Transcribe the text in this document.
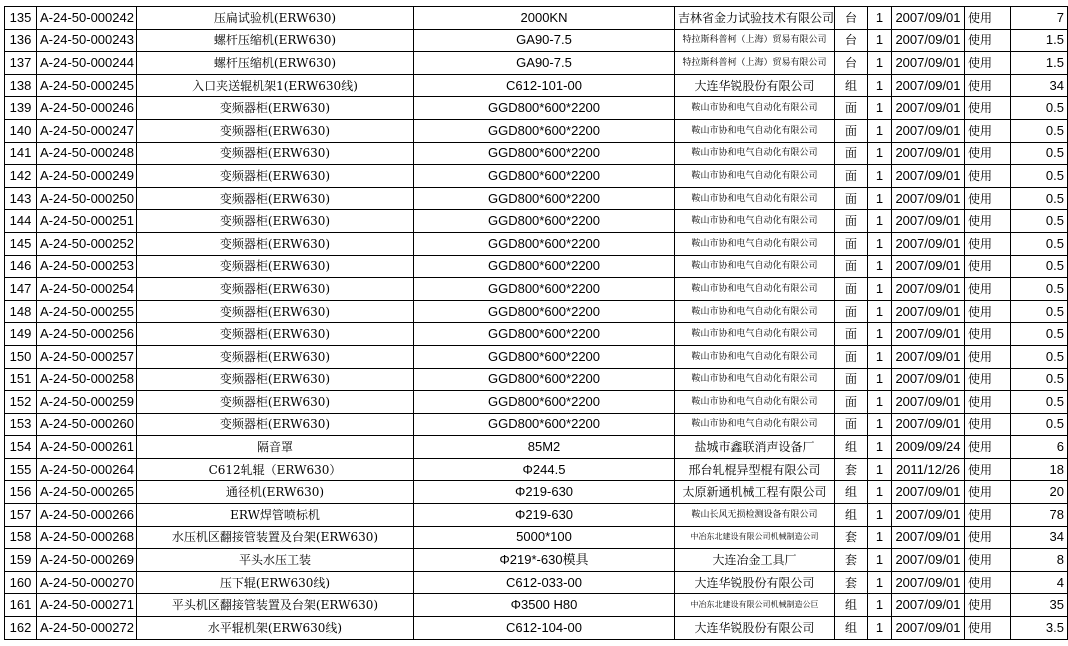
135	A-24-50-000242	压扁试验机(ERW630)	2000KN	吉林省金力试验技术有限公司	台	1	2007/09/01	使用	7
136	A-24-50-000243	螺杆压缩机(ERW630)	GA90-7.5	特拉斯科普柯（上海）贸易有限公司	台	1	2007/09/01	使用	1.5
137	A-24-50-000244	螺杆压缩机(ERW630)	GA90-7.5	特拉斯科普柯（上海）贸易有限公司	台	1	2007/09/01	使用	1.5
138	A-24-50-000245	入口夹送辊机架1(ERW630线)	C612-101-00	大连华锐股份有限公司	组	1	2007/09/01	使用	34
139	A-24-50-000246	变频器柜(ERW630)	GGD800*600*2200	鞍山市协和电气自动化有限公司	面	1	2007/09/01	使用	0.5
140	A-24-50-000247	变频器柜(ERW630)	GGD800*600*2200	鞍山市协和电气自动化有限公司	面	1	2007/09/01	使用	0.5
141	A-24-50-000248	变频器柜(ERW630)	GGD800*600*2200	鞍山市协和电气自动化有限公司	面	1	2007/09/01	使用	0.5
142	A-24-50-000249	变频器柜(ERW630)	GGD800*600*2200	鞍山市协和电气自动化有限公司	面	1	2007/09/01	使用	0.5
143	A-24-50-000250	变频器柜(ERW630)	GGD800*600*2200	鞍山市协和电气自动化有限公司	面	1	2007/09/01	使用	0.5
144	A-24-50-000251	变频器柜(ERW630)	GGD800*600*2200	鞍山市协和电气自动化有限公司	面	1	2007/09/01	使用	0.5
145	A-24-50-000252	变频器柜(ERW630)	GGD800*600*2200	鞍山市协和电气自动化有限公司	面	1	2007/09/01	使用	0.5
146	A-24-50-000253	变频器柜(ERW630)	GGD800*600*2200	鞍山市协和电气自动化有限公司	面	1	2007/09/01	使用	0.5
147	A-24-50-000254	变频器柜(ERW630)	GGD800*600*2200	鞍山市协和电气自动化有限公司	面	1	2007/09/01	使用	0.5
148	A-24-50-000255	变频器柜(ERW630)	GGD800*600*2200	鞍山市协和电气自动化有限公司	面	1	2007/09/01	使用	0.5
149	A-24-50-000256	变频器柜(ERW630)	GGD800*600*2200	鞍山市协和电气自动化有限公司	面	1	2007/09/01	使用	0.5
150	A-24-50-000257	变频器柜(ERW630)	GGD800*600*2200	鞍山市协和电气自动化有限公司	面	1	2007/09/01	使用	0.5
151	A-24-50-000258	变频器柜(ERW630)	GGD800*600*2200	鞍山市协和电气自动化有限公司	面	1	2007/09/01	使用	0.5
152	A-24-50-000259	变频器柜(ERW630)	GGD800*600*2200	鞍山市协和电气自动化有限公司	面	1	2007/09/01	使用	0.5
153	A-24-50-000260	变频器柜(ERW630)	GGD800*600*2200	鞍山市协和电气自动化有限公司	面	1	2007/09/01	使用	0.5
154	A-24-50-000261	隔音罩	85M2	盐城市鑫联消声设备厂	组	1	2009/09/24	使用	6
155	A-24-50-000264	C612轧辊（ERW630）	Φ244.5	邢台轧棍异型棍有限公司	套	1	2011/12/26	使用	18
156	A-24-50-000265	通径机(ERW630)	Φ219-630	太原新通机械工程有限公司	组	1	2007/09/01	使用	20
157	A-24-50-000266	ERW焊管喷标机	Φ219-630	鞍山长风无损检测设备有限公司	组	1	2007/09/01	使用	78
158	A-24-50-000268	水压机区翻接管装置及台架(ERW630)	5000*100	中冶东北建设有限公司机械制造公司	套	1	2007/09/01	使用	34
159	A-24-50-000269	平头水压工装	Φ219*-630模具	大连冶金工具厂	套	1	2007/09/01	使用	8
160	A-24-50-000270	压下辊(ERW630线)	C612-033-00	大连华锐股份有限公司	套	1	2007/09/01	使用	4
161	A-24-50-000271	平头机区翻接管装置及台架(ERW630)	Φ3500 H80	中冶东北建设有限公司机械制造公巨	组	1	2007/09/01	使用	35
162	A-24-50-000272	水平辊机架(ERW630线)	C612-104-00	大连华锐股份有限公司	组	1	2007/09/01	使用	3.5
